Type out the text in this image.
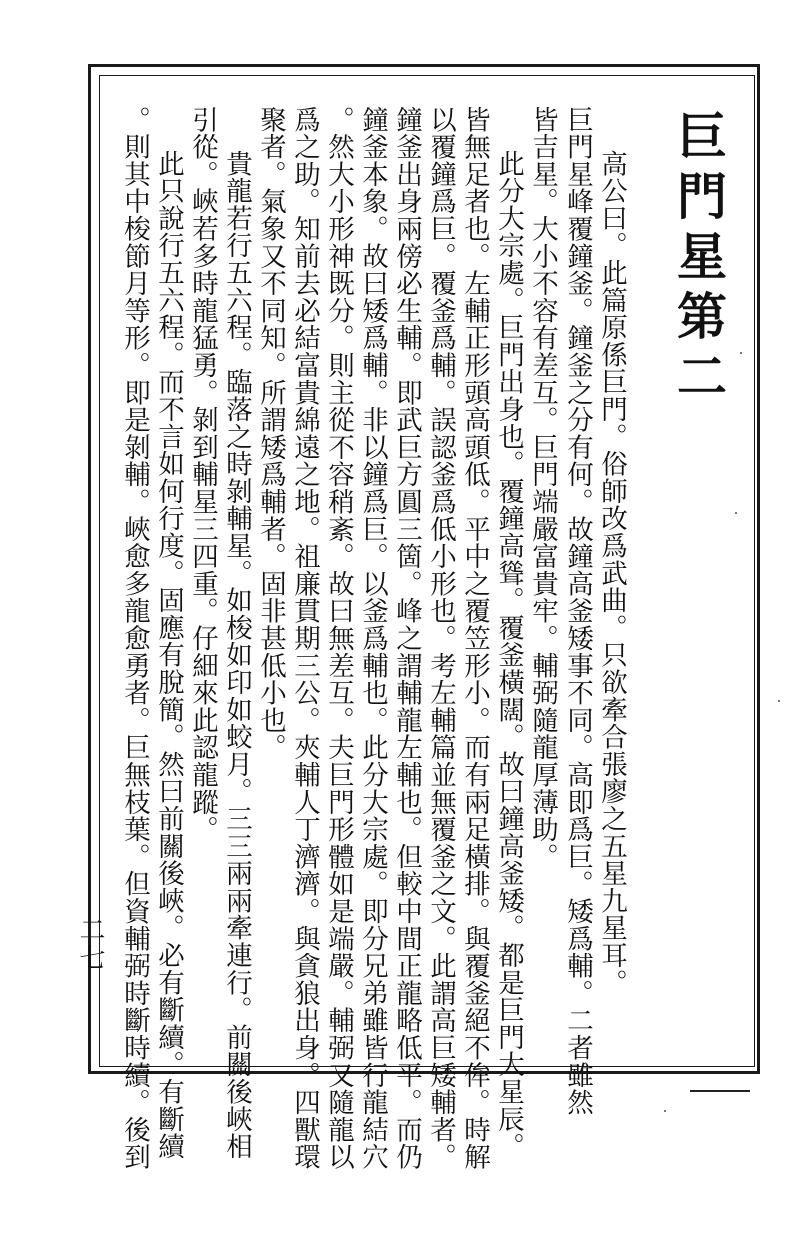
巨門星第二
高公曰。此篇原係巨門。俗師改爲武曲。只欲牽合張廖之五星九星耳。
巨門星峰覆鐘釜。鐘釜之分有何。故鐘高釜矮事不同。高即爲巨。矮爲輔。二者雖然
皆吉星。大小不容有差互。巨門端嚴富貴牢。輔弼隨龍厚薄助。
此分大宗處。巨門出身也。覆鐘高聳。覆釜橫闊。故曰鐘高釜矮。都是巨門大星辰。
皆無足者也。左輔正形頭高頭低。平中之覆笠形小。而有兩足橫排。與覆釜絕不侔。時解
以覆鐘爲巨。覆釜爲輔。誤認釜爲低小形也。考左輔篇並無覆釜之文。此謂高巨矮輔者。
鐘釜出身兩傍必生輔。即武巨方圓三箇。峰之謂輔龍左輔也。但較中間正龍略低平。而仍
鐘釜本象。故曰矮爲輔。非以鐘爲巨。以釜爲輔也。此分大宗處。即分兄弟雖皆行龍結穴
。然大小形神既分。則主從不容稍紊。故曰無差互。夫巨門形體如是端嚴。輔弼又隨龍以
爲之助。知前去必結富貴綿遠之地。祖廉貫期三公。夾輔人丁濟濟。與貪狼出身。四獸環
聚者。氣象又不同知。所謂矮爲輔者。固非甚低小也。
貴龍若行五六程。臨落之時剝輔星。如梭如印如蛟月。三三兩兩牽連行。前關後峽相
引從。峽若多時龍猛勇。剝到輔星三四重。仔細來此認龍蹤。
此只說行五六程。而不言如何行度。固應有脫簡。然曰前關後峽。必有斷續。有斷續
。則其中梭節月等形。即是剝輔。峽愈多龍愈勇者。巨無枝葉。但資輔弼時斷時續。後到
二七
